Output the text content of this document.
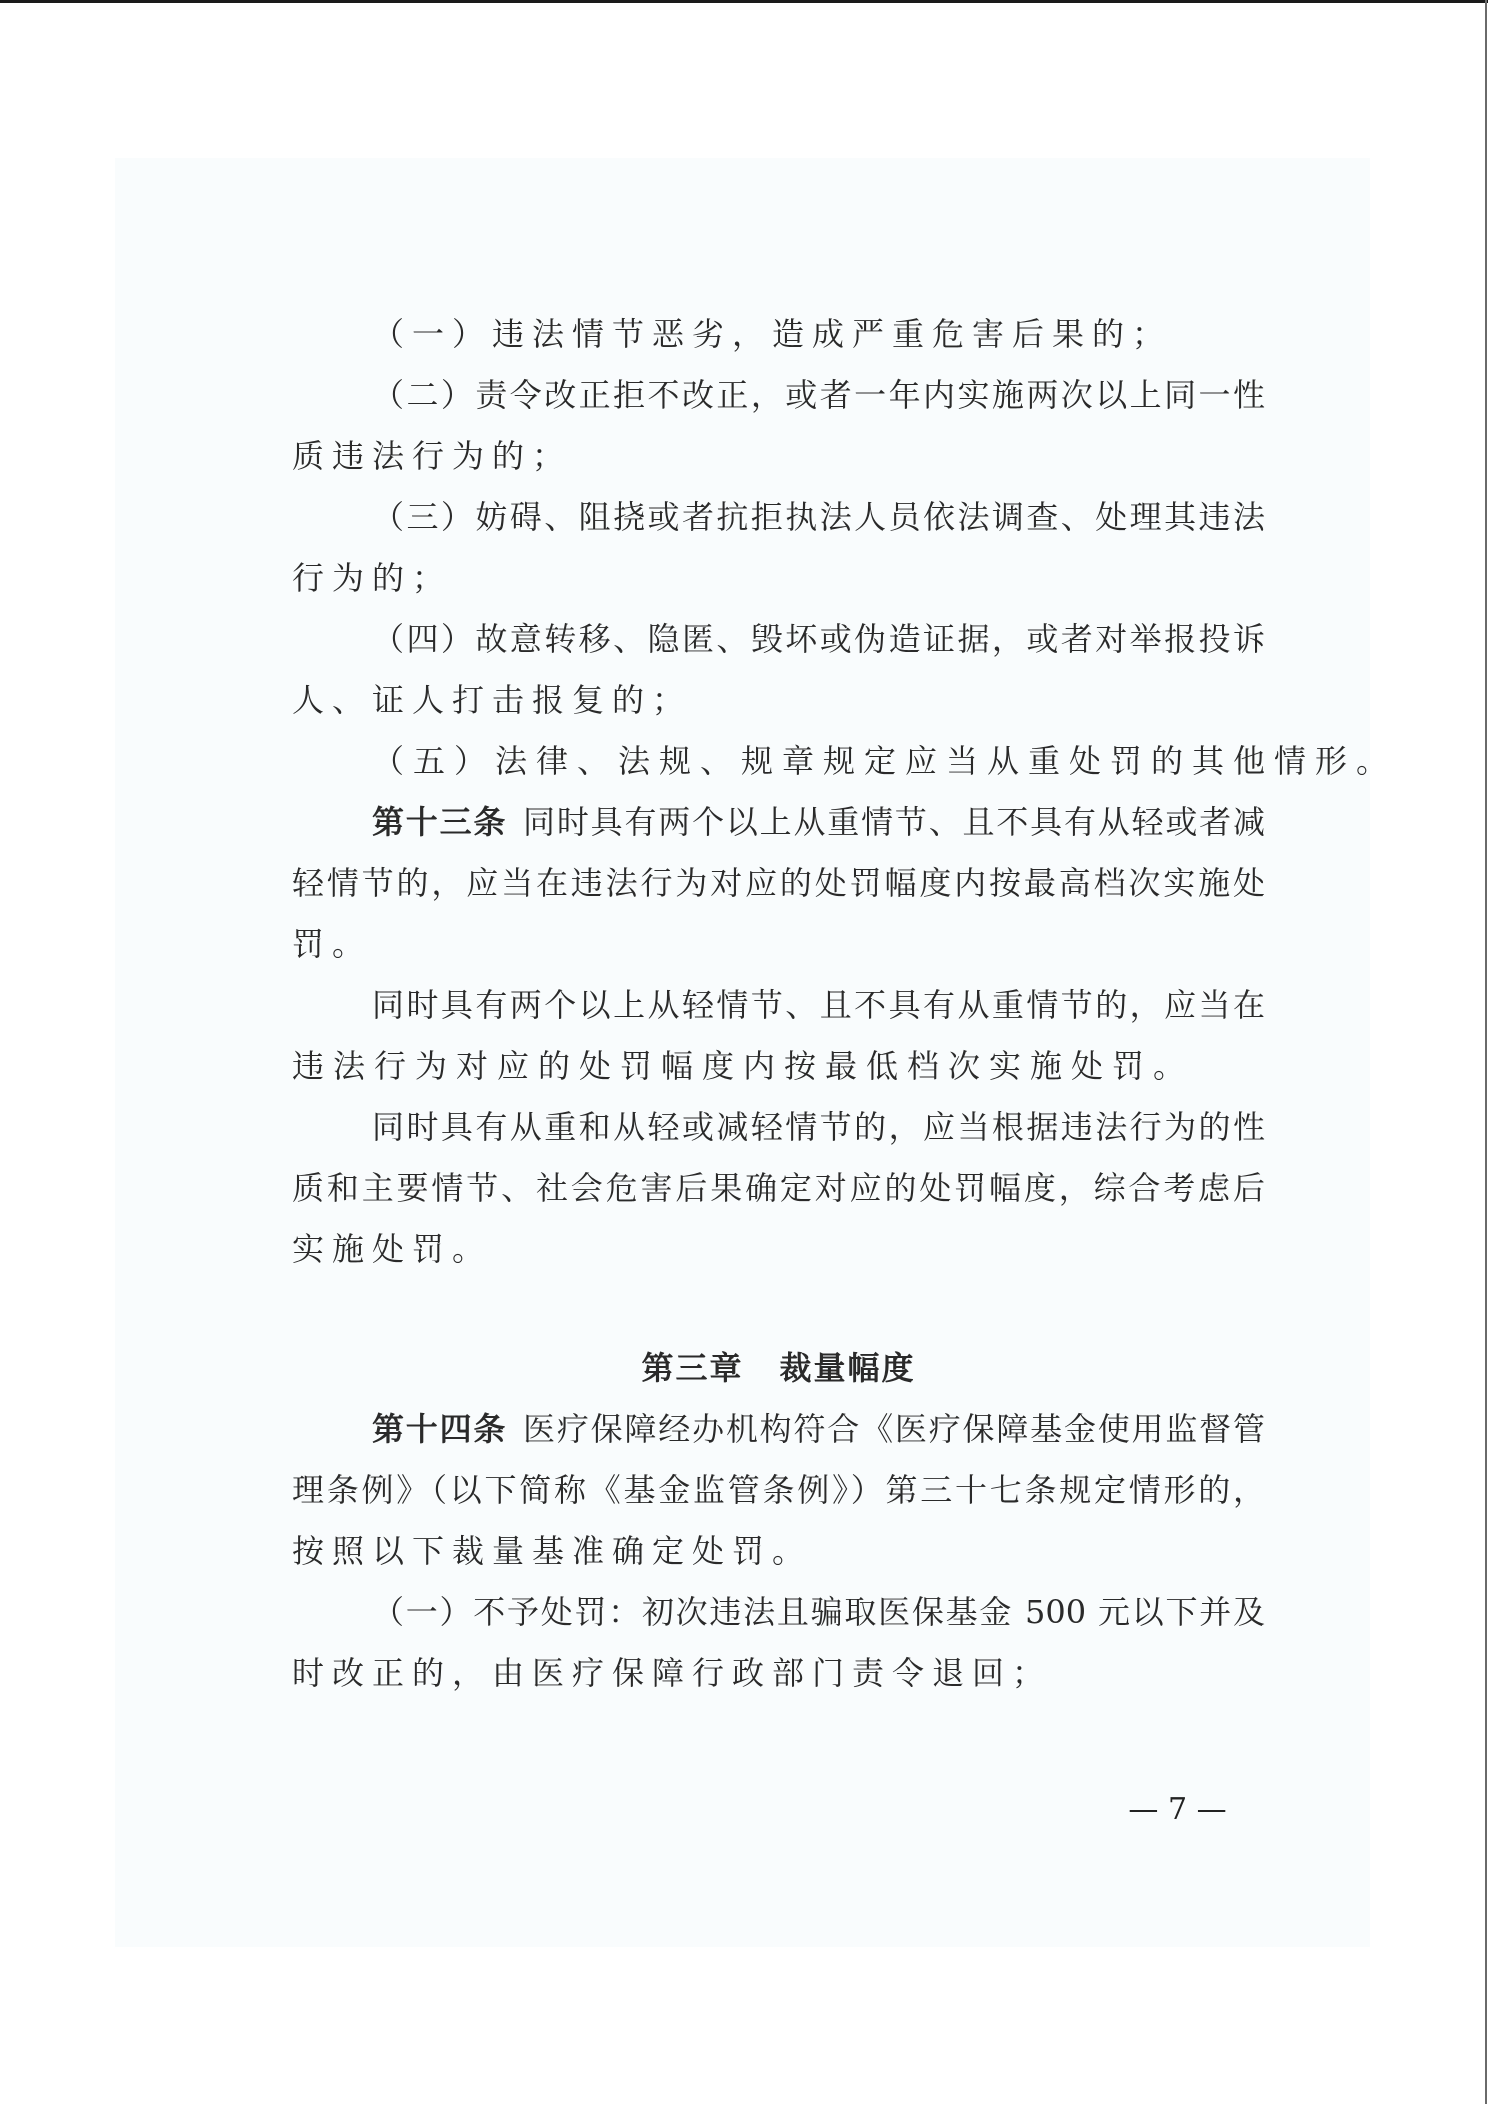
（一）违法情节恶劣，造成严重危害后果的；
（二）责令改正拒不改正，或者一年内实施两次以上同一性
质违法行为的；
（三）妨碍、阻挠或者抗拒执法人员依法调查、处理其违法
行为的；
（四）故意转移、隐匿、毁坏或伪造证据，或者对举报投诉
人、证人打击报复的；
（五）法律、法规、规章规定应当从重处罚的其他情形。
第十三条 同时具有两个以上从重情节、且不具有从轻或者减
轻情节的，应当在违法行为对应的处罚幅度内按最高档次实施处
罚。
同时具有两个以上从轻情节、且不具有从重情节的，应当在
违法行为对应的处罚幅度内按最低档次实施处罚。
同时具有从重和从轻或减轻情节的，应当根据违法行为的性
质和主要情节、社会危害后果确定对应的处罚幅度，综合考虑后
实施处罚。
第三章 裁量幅度
第十四条 医疗保障经办机构符合《医疗保障基金使用监督管
理条例》（以下简称《基金监管条例》）第三十七条规定情形的，
按照以下裁量基准确定处罚。
（一）不予处罚：初次违法且骗取医保基金 500 元以下并及
时改正的，由医疗保障行政部门责令退回；
— 7 —
